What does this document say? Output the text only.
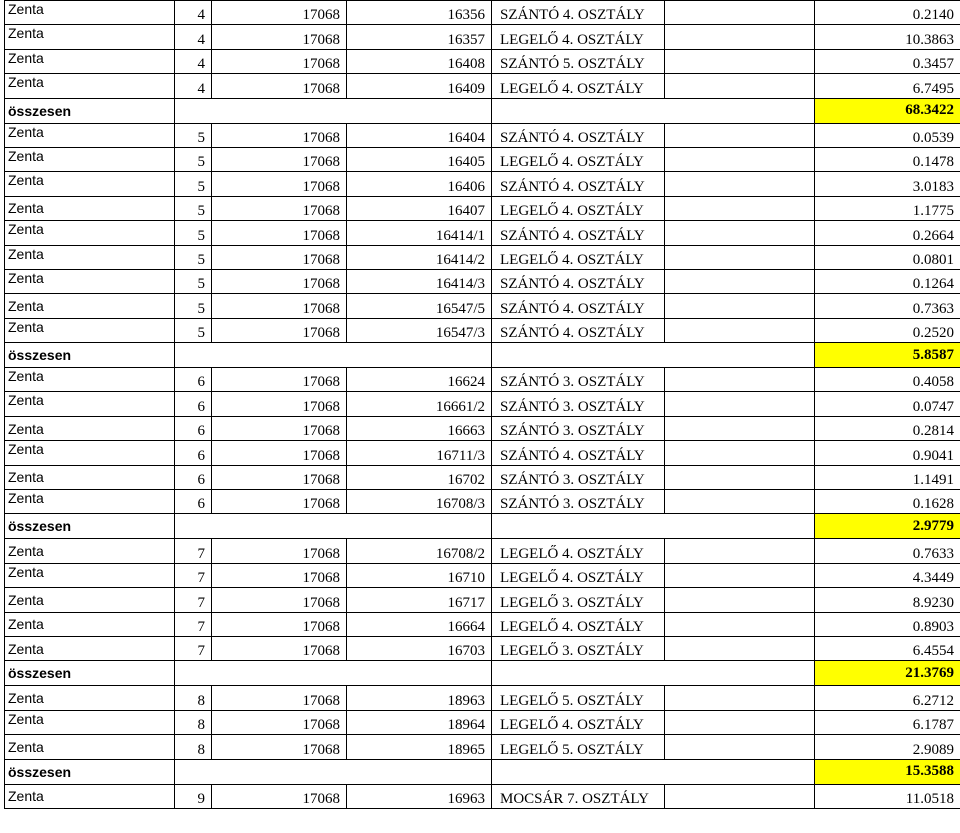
Zenta	4	17068	16356	SZÁNTÓ 4. OSZTÁLY		0.2140
Zenta	4	17068	16357	LEGELŐ 4. OSZTÁLY		10.3863
Zenta	4	17068	16408	SZÁNTÓ 5. OSZTÁLY		0.3457
Zenta	4	17068	16409	LEGELŐ 4. OSZTÁLY		6.7495
összesen						68.3422
Zenta	5	17068	16404	SZÁNTÓ 4. OSZTÁLY		0.0539
Zenta	5	17068	16405	LEGELŐ 4. OSZTÁLY		0.1478
Zenta	5	17068	16406	SZÁNTÓ 4. OSZTÁLY		3.0183
Zenta	5	17068	16407	LEGELŐ 4. OSZTÁLY		1.1775
Zenta	5	17068	16414/1	SZÁNTÓ 4. OSZTÁLY		0.2664
Zenta	5	17068	16414/2	LEGELŐ 4. OSZTÁLY		0.0801
Zenta	5	17068	16414/3	SZÁNTÓ 4. OSZTÁLY		0.1264
Zenta	5	17068	16547/5	SZÁNTÓ 4. OSZTÁLY		0.7363
Zenta	5	17068	16547/3	SZÁNTÓ 4. OSZTÁLY		0.2520
összesen						5.8587
Zenta	6	17068	16624	SZÁNTÓ 3. OSZTÁLY		0.4058
Zenta	6	17068	16661/2	SZÁNTÓ 3. OSZTÁLY		0.0747
Zenta	6	17068	16663	SZÁNTÓ 3. OSZTÁLY		0.2814
Zenta	6	17068	16711/3	SZÁNTÓ 4. OSZTÁLY		0.9041
Zenta	6	17068	16702	SZÁNTÓ 3. OSZTÁLY		1.1491
Zenta	6	17068	16708/3	SZÁNTÓ 3. OSZTÁLY		0.1628
összesen						2.9779
Zenta	7	17068	16708/2	LEGELŐ 4. OSZTÁLY		0.7633
Zenta	7	17068	16710	LEGELŐ 4. OSZTÁLY		4.3449
Zenta	7	17068	16717	LEGELŐ 3. OSZTÁLY		8.9230
Zenta	7	17068	16664	LEGELŐ 4. OSZTÁLY		0.8903
Zenta	7	17068	16703	LEGELŐ 3. OSZTÁLY		6.4554
összesen						21.3769
Zenta	8	17068	18963	LEGELŐ 5. OSZTÁLY		6.2712
Zenta	8	17068	18964	LEGELŐ 4. OSZTÁLY		6.1787
Zenta	8	17068	18965	LEGELŐ 5. OSZTÁLY		2.9089
összesen						15.3588
Zenta	9	17068	16963	MOCSÁR 7. OSZTÁLY		11.0518
